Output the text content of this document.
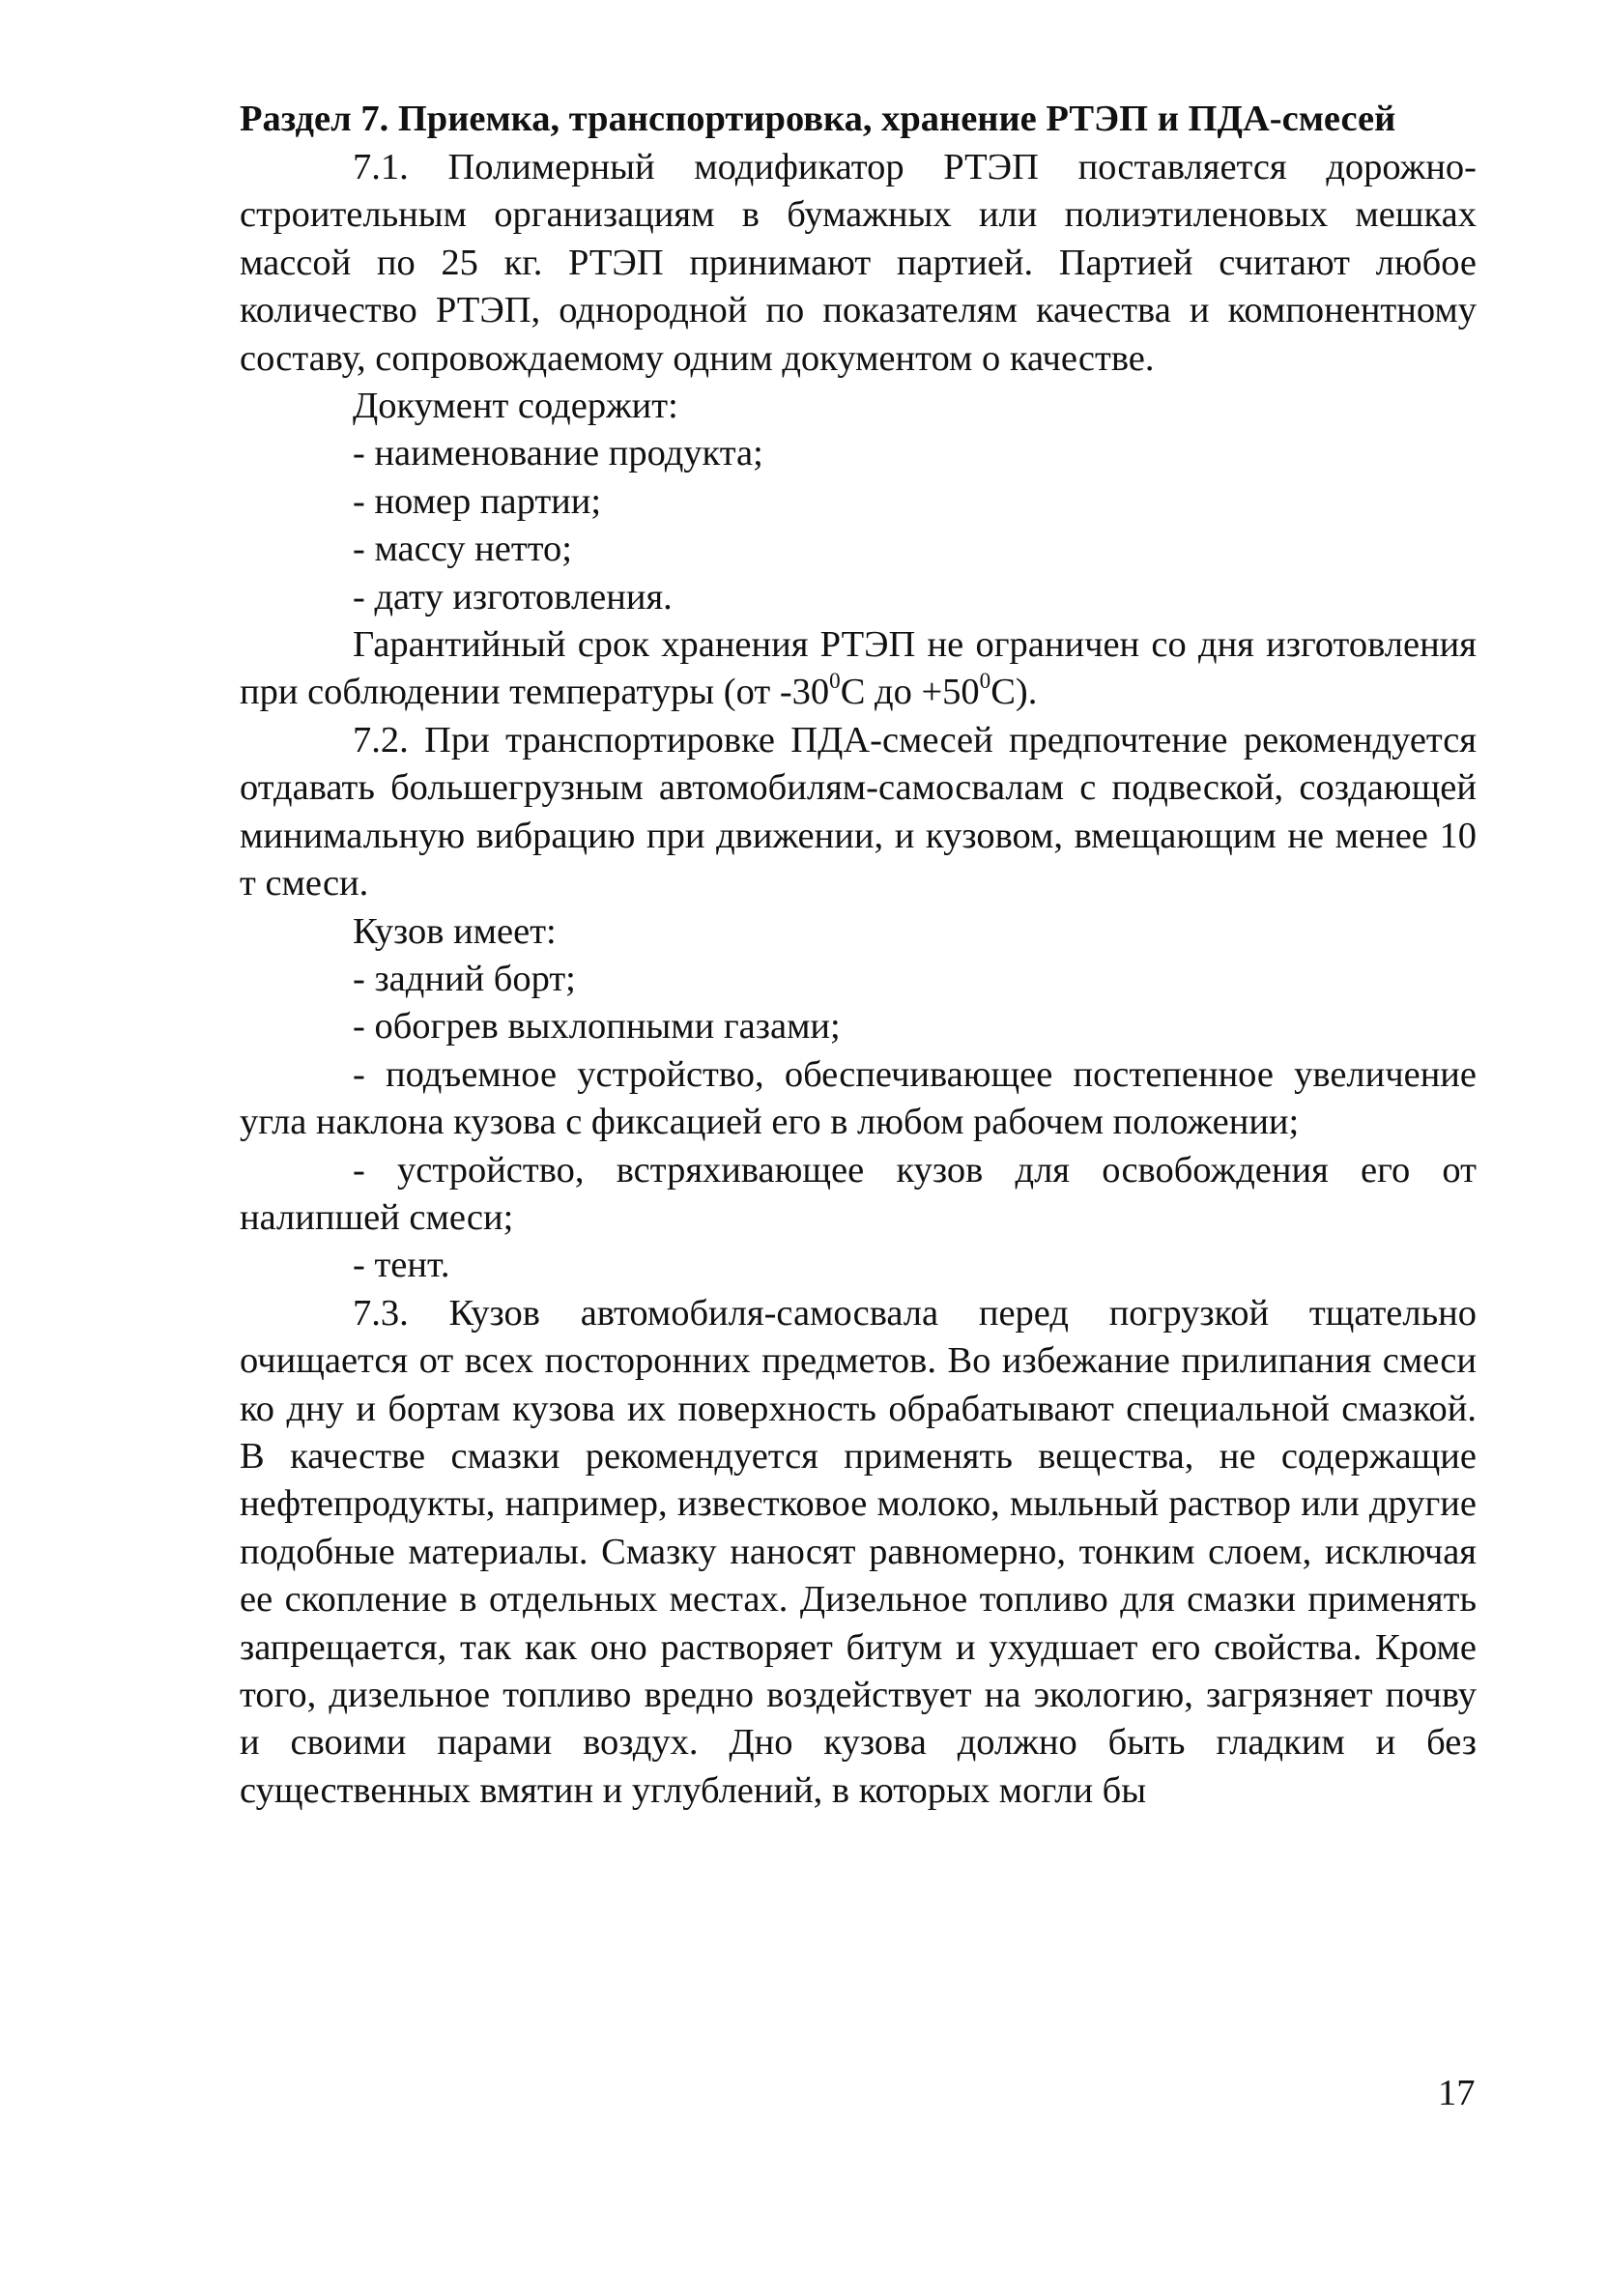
Раздел 7. Приемка, транспортировка, хранение РТЭП и ПДА-смесей

7.1. Полимерный модификатор РТЭП поставляется дорожно-строительным организациям в бумажных или полиэтиленовых мешках массой по 25 кг. РТЭП принимают партией. Партией считают любое количество РТЭП, однородной по показателям качества и компонентному составу, сопровождаемому одним документом о качестве.

Документ содержит:

- наименование продукта;

- номер партии;

- массу нетто;

- дату изготовления.

Гарантийный срок хранения РТЭП не ограничен со дня изготовления при соблюдении температуры (от $-30^0С$ до $+50^0С$).

7.2. При транспортировке ПДА-смесей предпочтение рекомендуется отдавать большегрузным автомобилям-самосвалам с подвеской, создающей минимальную вибрацию при движении, и кузовом, вмещающим не менее 10 т смеси.

Кузов имеет:

- задний борт;

- обогрев выхлопными газами;

- подъемное устройство, обеспечивающее постепенное увеличение угла наклона кузова с фиксацией его в любом рабочем положении;

- устройство, встряхивающее кузов для освобождения его от налипшей смеси;

- тент.

7.3. Кузов автомобиля-самосвала перед погрузкой тщательно очищается от всех посторонних предметов. Во избежание прилипания смеси ко дну и бортам кузова их поверхность обрабатывают специальной смазкой. В качестве смазки рекомендуется применять вещества, не содержащие нефтепродукты, например, известковое молоко, мыльный раствор или другие подобные материалы. Смазку наносят равномерно, тонким слоем, исключая ее скопление в отдельных местах. Дизельное топливо для смазки применять запрещается, так как оно растворяет битум и ухудшает его свойства. Кроме того, дизельное топливо вредно воздействует на экологию, загрязняет почву и своими парами воздух. Дно кузова должно быть гладким и без существенных вмятин и углублений, в которых могли бы

17
